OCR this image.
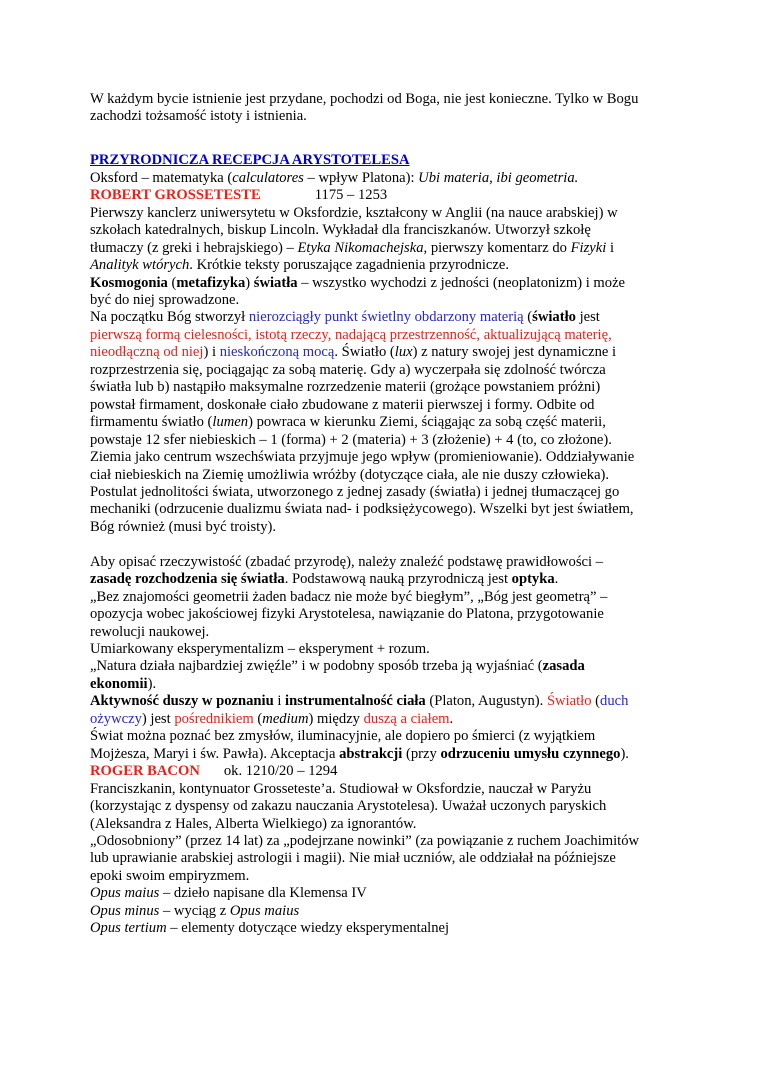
W każdym bycie istnienie jest przydane, pochodzi od Boga, nie jest konieczne. Tylko w Bogu

zachodzi tożsamość istoty i istnienia.

PRZYRODNICZA RECEPCJA ARYSTOTELESA

Oksford – matematyka (calculatores – wpływ Platona): Ubi materia, ibi geometria.

ROBERT GROSSETESTE	1175 – 1253

Pierwszy kanclerz uniwersytetu w Oksfordzie, kształcony w Anglii (na nauce arabskiej) w

szkołach katedralnych, biskup Lincoln. Wykładał dla franciszkanów. Utworzył szkołę

tłumaczy (z greki i hebrajskiego) – Etyka Nikomachejska, pierwszy komentarz do Fizyki i

Analityk wtórych. Krótkie teksty poruszające zagadnienia przyrodnicze.

Kosmogonia (metafizyka) światła – wszystko wychodzi z jedności (neoplatonizm) i może

być do niej sprowadzone.

Na początku Bóg stworzył nierozciągły punkt świetlny obdarzony materią (światło jest

pierwszą formą cielesności, istotą rzeczy, nadającą przestrzenność, aktualizującą materię,

nieodłączną od niej) i nieskończoną mocą. Światło (lux) z natury swojej jest dynamiczne i

rozprzestrzenia się, pociągając za sobą materię. Gdy a) wyczerpała się zdolność twórcza

światła lub b) nastąpiło maksymalne rozrzedzenie materii (grożące powstaniem próżni)

powstał firmament, doskonałe ciało zbudowane z materii pierwszej i formy. Odbite od

firmamentu światło (lumen) powraca w kierunku Ziemi, ściągając za sobą część materii,

powstaje 12 sfer niebieskich – 1 (forma) + 2 (materia) + 3 (złożenie) + 4 (to, co złożone).

Ziemia jako centrum wszechświata przyjmuje jego wpływ (promieniowanie). Oddziaływanie

ciał niebieskich na Ziemię umożliwia wróżby (dotyczące ciała, ale nie duszy człowieka).

Postulat jednolitości świata, utworzonego z jednej zasady (światła) i jednej tłumaczącej go

mechaniki (odrzucenie dualizmu świata nad- i podksiężycowego). Wszelki byt jest światłem,

Bóg również (musi być troisty).

Aby opisać rzeczywistość (zbadać przyrodę), należy znaleźć podstawę prawidłowości –

zasadę rozchodzenia się światła. Podstawową nauką przyrodniczą jest optyka.

„Bez znajomości geometrii żaden badacz nie może być biegłym”, „Bóg jest geometrą” –

opozycja wobec jakościowej fizyki Arystotelesa, nawiązanie do Platona, przygotowanie

rewolucji naukowej.

Umiarkowany eksperymentalizm – eksperyment + rozum.

„Natura działa najbardziej zwięźle” i w podobny sposób trzeba ją wyjaśniać (zasada

ekonomii).

Aktywność duszy w poznaniu i instrumentalność ciała (Platon, Augustyn). Światło (duch

ożywczy) jest pośrednikiem (medium) między duszą a ciałem.

Świat można poznać bez zmysłów, iluminacyjnie, ale dopiero po śmierci (z wyjątkiem

Mojżesza, Maryi i św. Pawła). Akceptacja abstrakcji (przy odrzuceniu umysłu czynnego).

ROGER BACON ok. 1210/20 – 1294

Franciszkanin, kontynuator Grosseteste’a. Studiował w Oksfordzie, nauczał w Paryżu

(korzystając z dyspensy od zakazu nauczania Arystotelesa). Uważał uczonych paryskich

(Aleksandra z Hales, Alberta Wielkiego) za ignorantów.

„Odosobniony” (przez 14 lat) za „podejrzane nowinki” (za powiązanie z ruchem Joachimitów

lub uprawianie arabskiej astrologii i magii). Nie miał uczniów, ale oddziałał na późniejsze

epoki swoim empiryzmem.

Opus maius – dzieło napisane dla Klemensa IV

Opus minus – wyciąg z Opus maius

Opus tertium – elementy dotyczące wiedzy eksperymentalnej
